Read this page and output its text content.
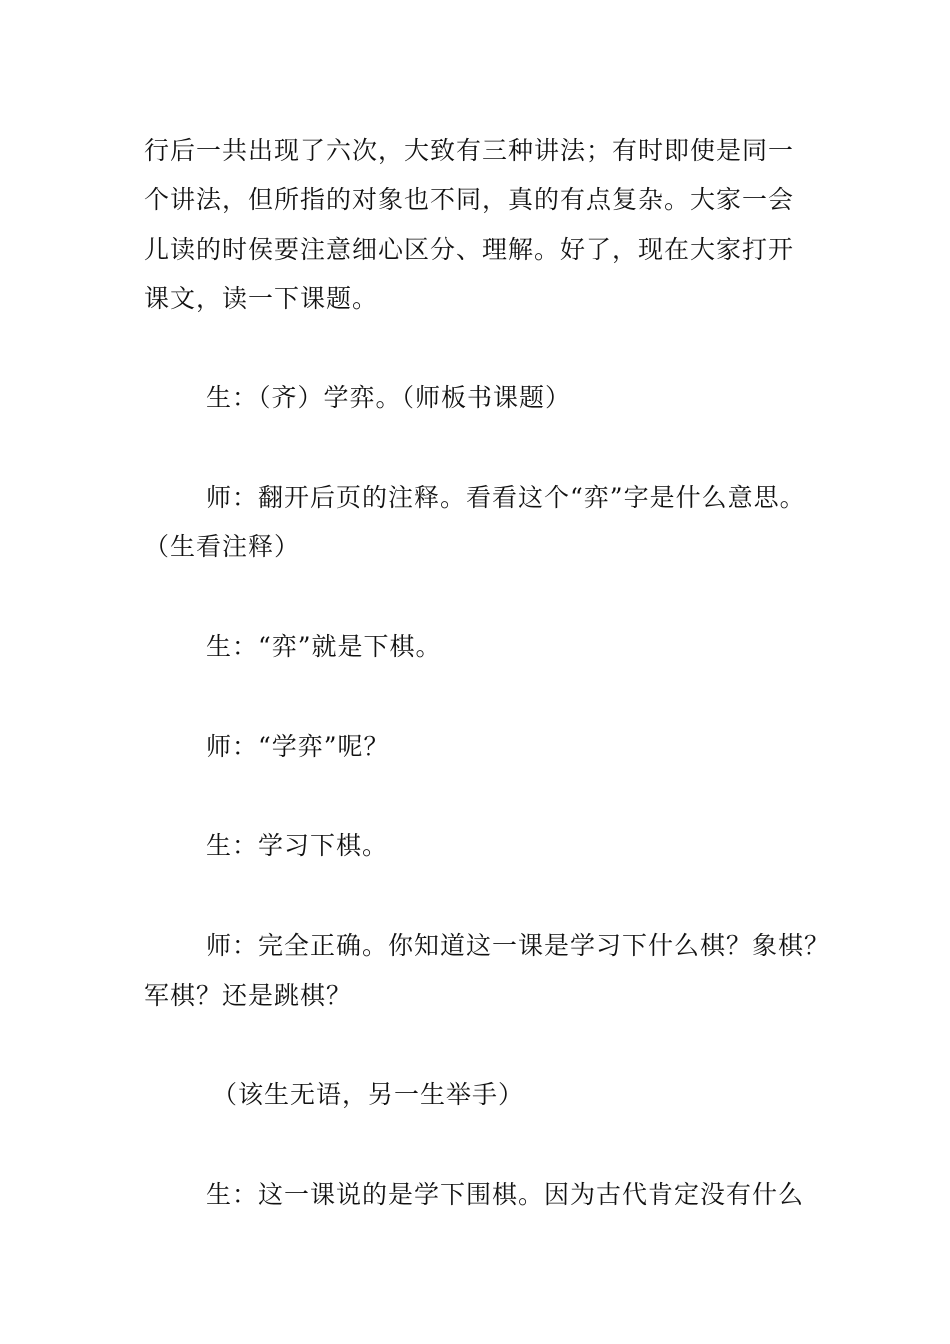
行后一共出现了六次，大致有三种讲法；有时即使是同一
个讲法，但所指的对象也不同，真的有点复杂。大家一会
儿读的时侯要注意细心区分、理解。好了，现在大家打开
课文，读一下课题。
生：（齐）学弈。（师板书课题）
师：翻开后页的注释。看看这个“弈”字是什么意思。
（生看注释）
生：“弈”就是下棋。
师：“学弈”呢？
生：学习下棋。
师：完全正确。你知道这一课是学习下什么棋？象棋？
军棋？还是跳棋？
（该生无语，另一生举手）
生：这一课说的是学下围棋。因为古代肯定没有什么
